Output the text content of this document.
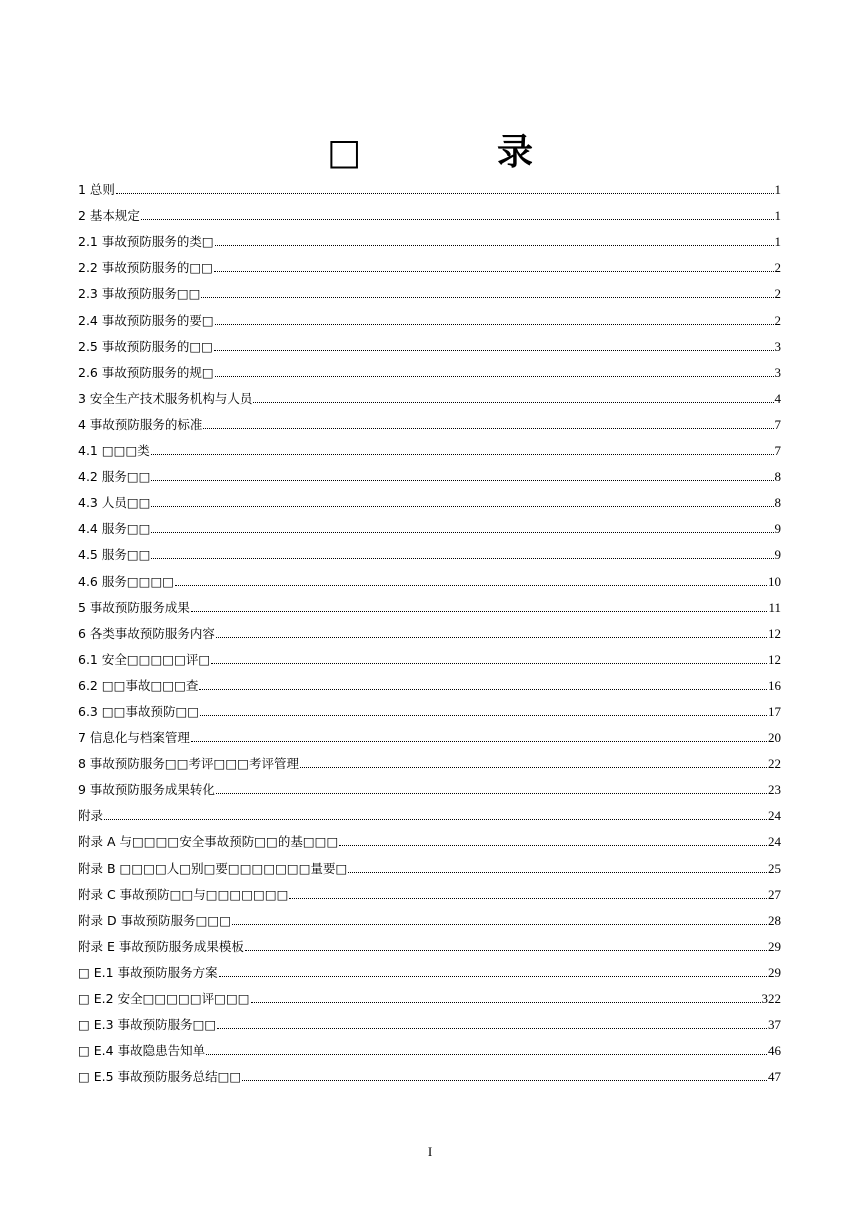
□　录
1 总则	1
2 基本规定	1
2.1 事故预防服务的类□	1
2.2 事故预防服务的□□	2
2.3 事故预防服务□□	2
2.4 事故预防服务的要□	2
2.5 事故预防服务的□□	3
2.6 事故预防服务的规□	3
3 安全生产技术服务机构与人员	4
4 事故预防服务的标准	7
4.1 □□□类	7
4.2 服务□□	8
4.3 人员□□	8
4.4 服务□□	9
4.5 服务□□	9
4.6 服务□□□□	10
5 事故预防服务成果	11
6 各类事故预防服务内容	12
6.1 安全□□□□□评□	12
6.2 □□事故□□□查	16
6.3 □□事故预防□□	17
7 信息化与档案管理	20
8 事故预防服务□□考评□□□考评管理	22
9 事故预防服务成果转化	23
附录	24
附录 A 与□□□□安全事故预防□□的基□□□	24
附录 B □□□□人□别□要□□□□□□□量要□	25
附录 C 事故预防□□与□□□□□□□	27
附录 D 事故预防服务□□□	28
附录 E 事故预防服务成果模板	29
□ E.1 事故预防服务方案	29
□ E.2 安全□□□□□评□□□	322
□ E.3 事故预防服务□□	37
□ E.4 事故隐患告知单	46
□ E.5 事故预防服务总结□□	47
I
